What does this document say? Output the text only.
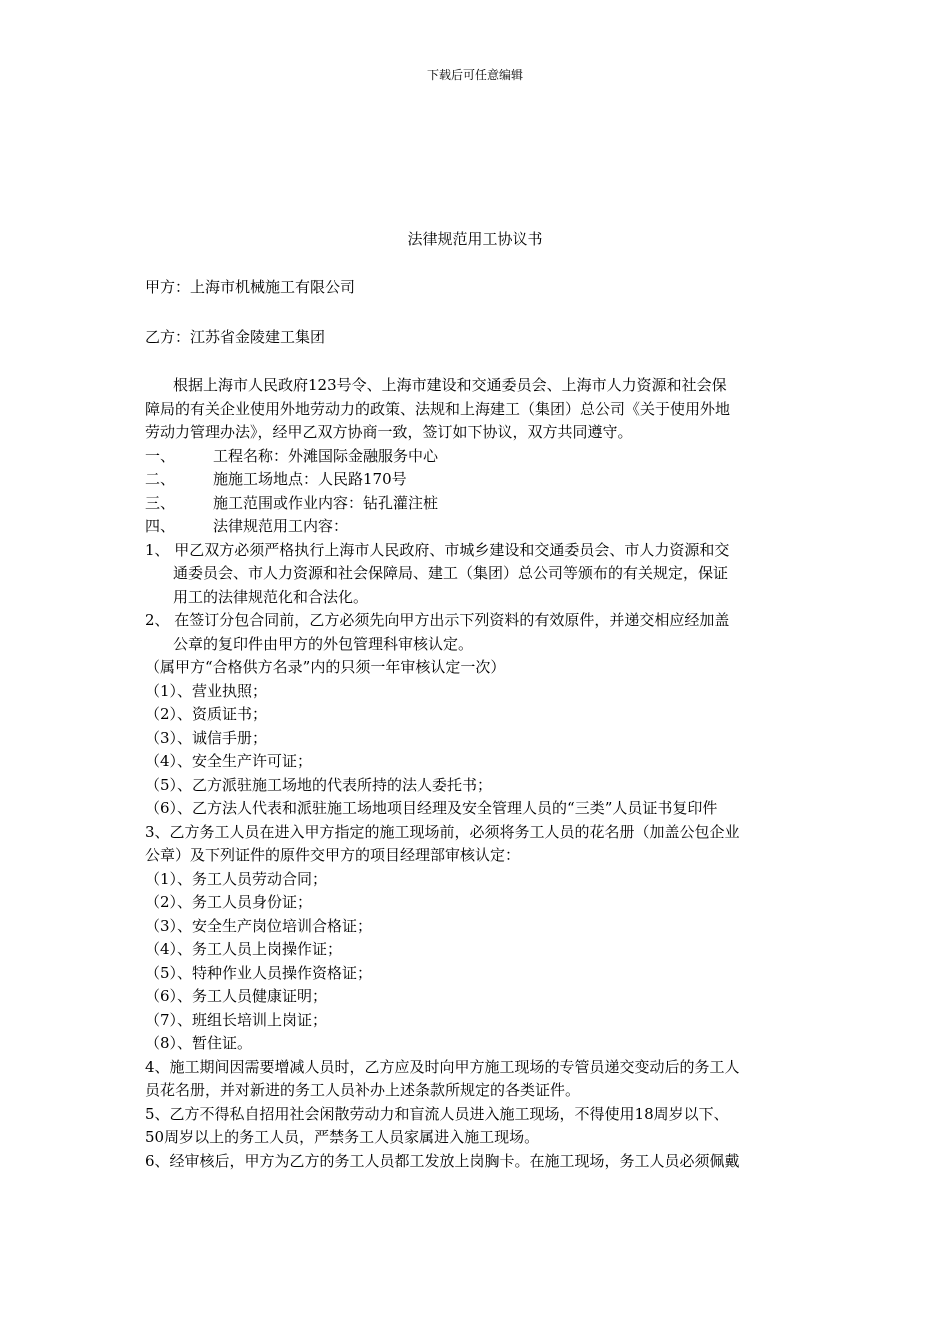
下载后可任意编辑
法律规范用工协议书
甲方：上海市机械施工有限公司
乙方：江苏省金陵建工集团
根据上海市人民政府123号令、上海市建设和交通委员会、上海市人力资源和社会保
障局的有关企业使用外地劳动力的政策、法规和上海建工（集团）总公司《关于使用外地
劳动力管理办法》，经甲乙双方协商一致，签订如下协议，双方共同遵守。
一、	工程名称：外滩国际金融服务中心
二、	施施工场地点：人民路170号
三、	施工范围或作业内容：钻孔灌注桩
四、	法律规范用工内容：
1、 甲乙双方必须严格执行上海市人民政府、市城乡建设和交通委员会、市人力资源和交
通委员会、市人力资源和社会保障局、建工（集团）总公司等颁布的有关规定，保证
用工的法律规范化和合法化。
2、 在签订分包合同前，乙方必须先向甲方出示下列资料的有效原件，并递交相应经加盖
公章的复印件由甲方的外包管理科审核认定。
（属甲方“合格供方名录”内的只须一年审核认定一次）
（1）、营业执照；
（2）、资质证书；
（3）、诚信手册；
（4）、安全生产许可证；
（5）、乙方派驻施工场地的代表所持的法人委托书；
（6）、乙方法人代表和派驻施工场地项目经理及安全管理人员的“三类”人员证书复印件
3、乙方务工人员在进入甲方指定的施工现场前，必须将务工人员的花名册（加盖公包企业
公章）及下列证件的原件交甲方的项目经理部审核认定：
（1）、务工人员劳动合同；
（2）、务工人员身份证；
（3）、安全生产岗位培训合格证；
（4）、务工人员上岗操作证；
（5）、特种作业人员操作资格证；
（6）、务工人员健康证明；
（7）、班组长培训上岗证；
（8）、暂住证。
4、施工期间因需要增减人员时，乙方应及时向甲方施工现场的专管员递交变动后的务工人
员花名册，并对新进的务工人员补办上述条款所规定的各类证件。
5、乙方不得私自招用社会闲散劳动力和盲流人员进入施工现场，不得使用18周岁以下、
50周岁以上的务工人员，严禁务工人员家属进入施工现场。
6、经审核后，甲方为乙方的务工人员都工发放上岗胸卡。在施工现场，务工人员必须佩戴
